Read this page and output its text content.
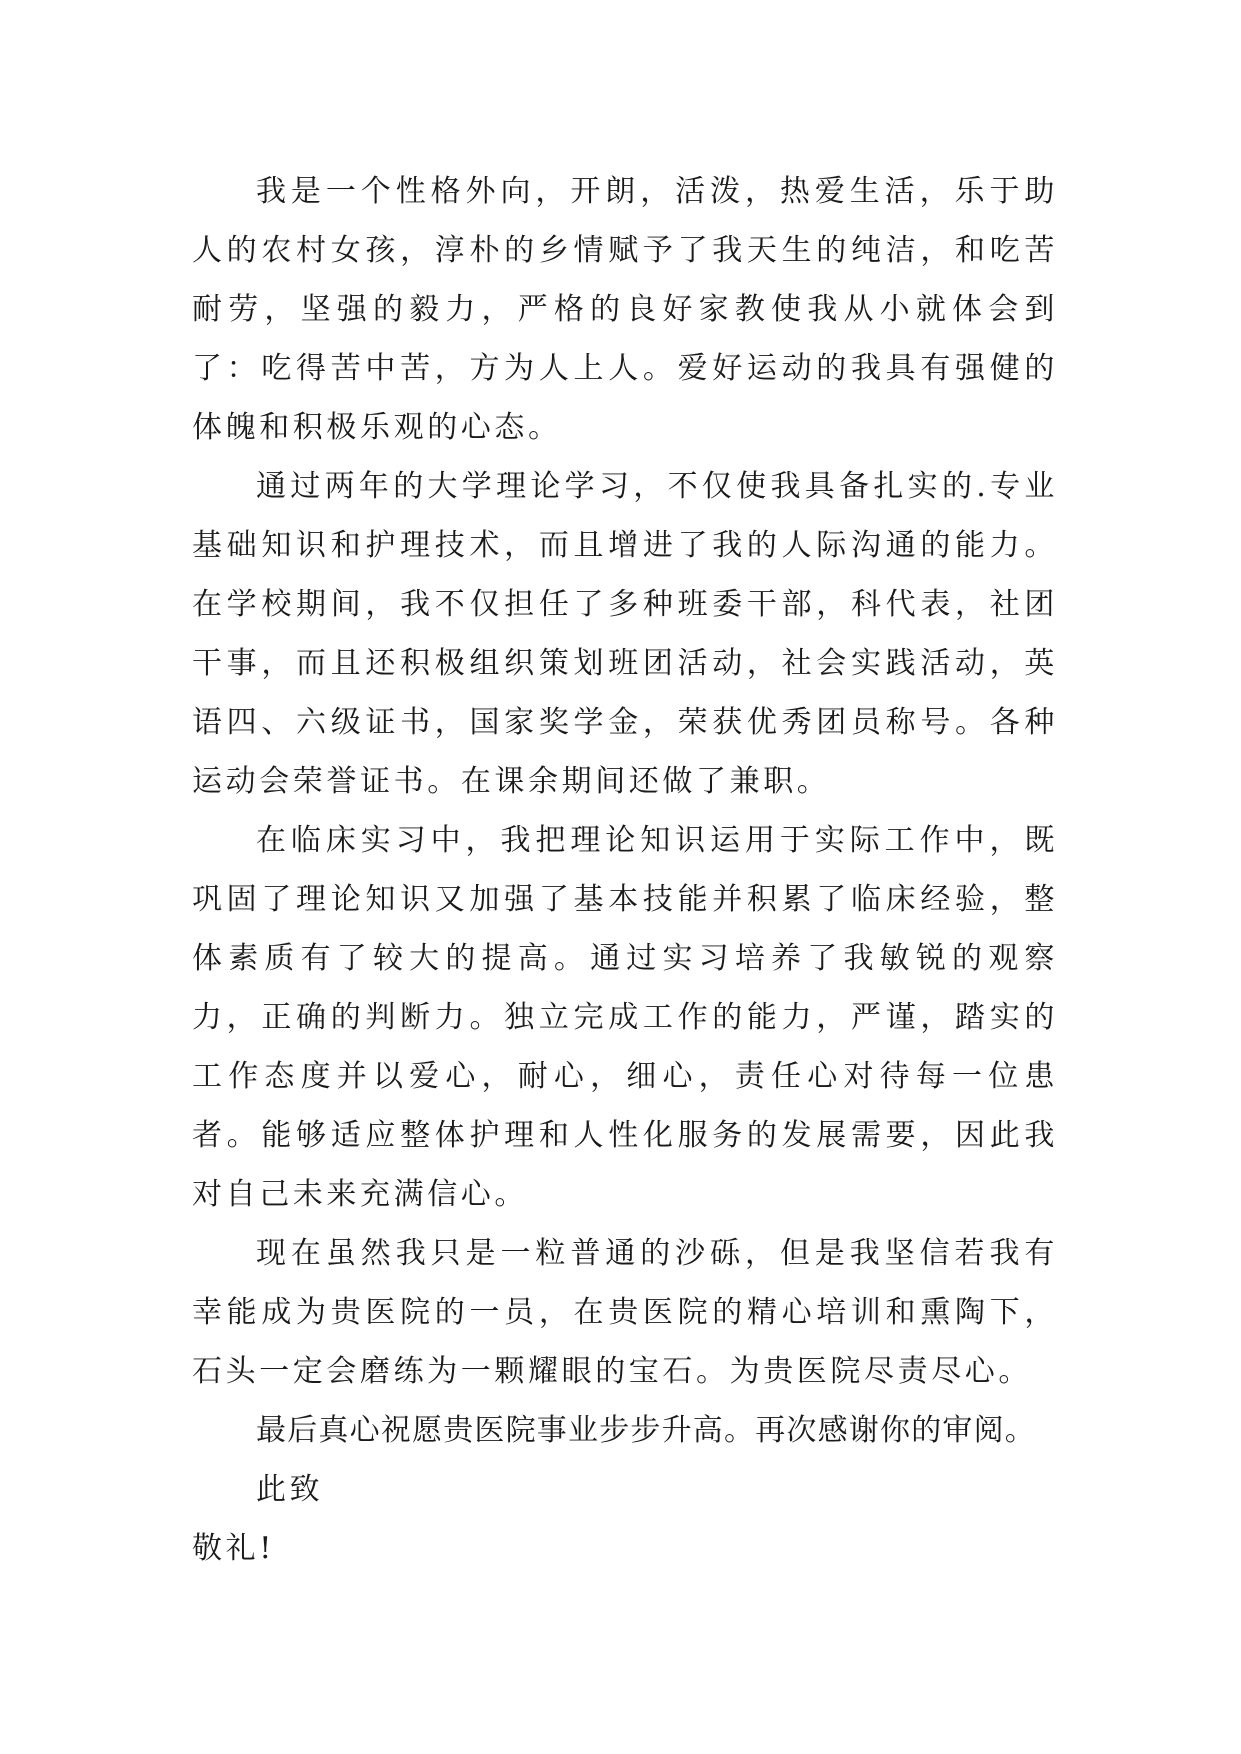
我是一个性格外向，开朗，活泼，热爱生活，乐于助人的农村女孩，淳朴的乡情赋予了我天生的纯洁，和吃苦耐劳，坚强的毅力，严格的良好家教使我从小就体会到了：吃得苦中苦，方为人上人。爱好运动的我具有强健的体魄和积极乐观的心态。

通过两年的大学理论学习，不仅使我具备扎实的.专业基础知识和护理技术，而且增进了我的人际沟通的能力。在学校期间，我不仅担任了多种班委干部，科代表，社团干事，而且还积极组织策划班团活动，社会实践活动，英语四、六级证书，国家奖学金，荣获优秀团员称号。各种运动会荣誉证书。在课余期间还做了兼职。

在临床实习中，我把理论知识运用于实际工作中，既巩固了理论知识又加强了基本技能并积累了临床经验，整体素质有了较大的提高。通过实习培养了我敏锐的观察力，正确的判断力。独立完成工作的能力，严谨，踏实的工作态度并以爱心，耐心，细心，责任心对待每一位患者。能够适应整体护理和人性化服务的发展需要，因此我对自己未来充满信心。

现在虽然我只是一粒普通的沙砾，但是我坚信若我有幸能成为贵医院的一员，在贵医院的精心培训和熏陶下，石头一定会磨练为一颗耀眼的宝石。为贵医院尽责尽心。

最后真心祝愿贵医院事业步步升高。再次感谢你的审阅。

此致

敬礼!
